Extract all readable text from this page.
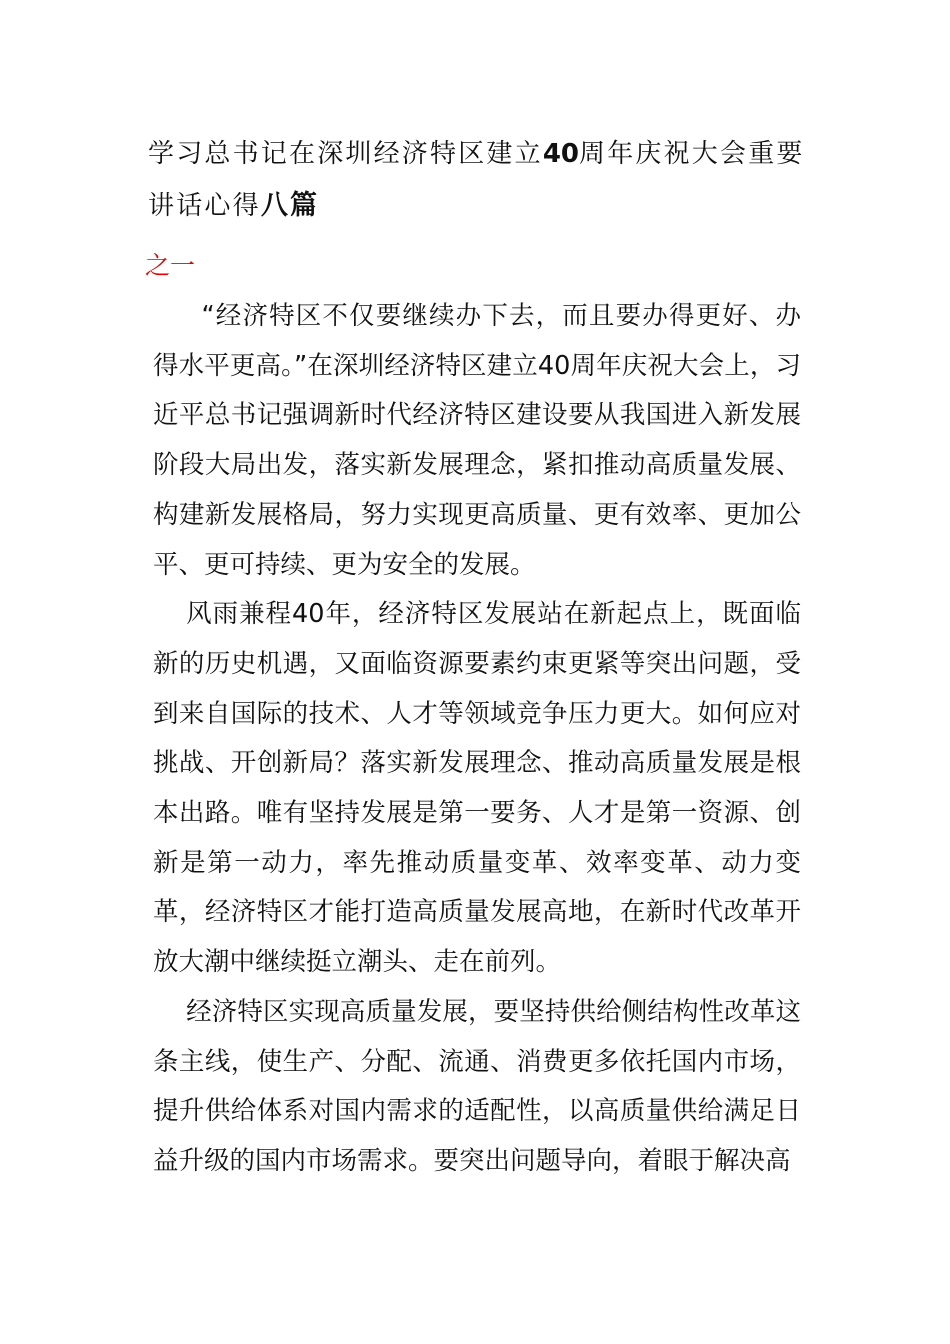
学习总书记在深圳经济特区建立40周年庆祝大会重要讲话心得八篇
之一

“经济特区不仅要继续办下去，而且要办得更好、办得水平更高。”在深圳经济特区建立40周年庆祝大会上，习近平总书记强调新时代经济特区建设要从我国进入新发展阶段大局出发，落实新发展理念，紧扣推动高质量发展、构建新发展格局，努力实现更高质量、更有效率、更加公平、更可持续、更为安全的发展。

风雨兼程40年，经济特区发展站在新起点上，既面临新的历史机遇，又面临资源要素约束更紧等突出问题，受到来自国际的技术、人才等领域竞争压力更大。如何应对挑战、开创新局？落实新发展理念、推动高质量发展是根本出路。唯有坚持发展是第一要务、人才是第一资源、创新是第一动力，率先推动质量变革、效率变革、动力变革，经济特区才能打造高质量发展高地，在新时代改革开放大潮中继续挺立潮头、走在前列。

经济特区实现高质量发展，要坚持供给侧结构性改革这条主线，使生产、分配、流通、消费更多依托国内市场，提升供给体系对国内需求的适配性，以高质量供给满足日益升级的国内市场需求。要突出问题导向，着眼于解决高
